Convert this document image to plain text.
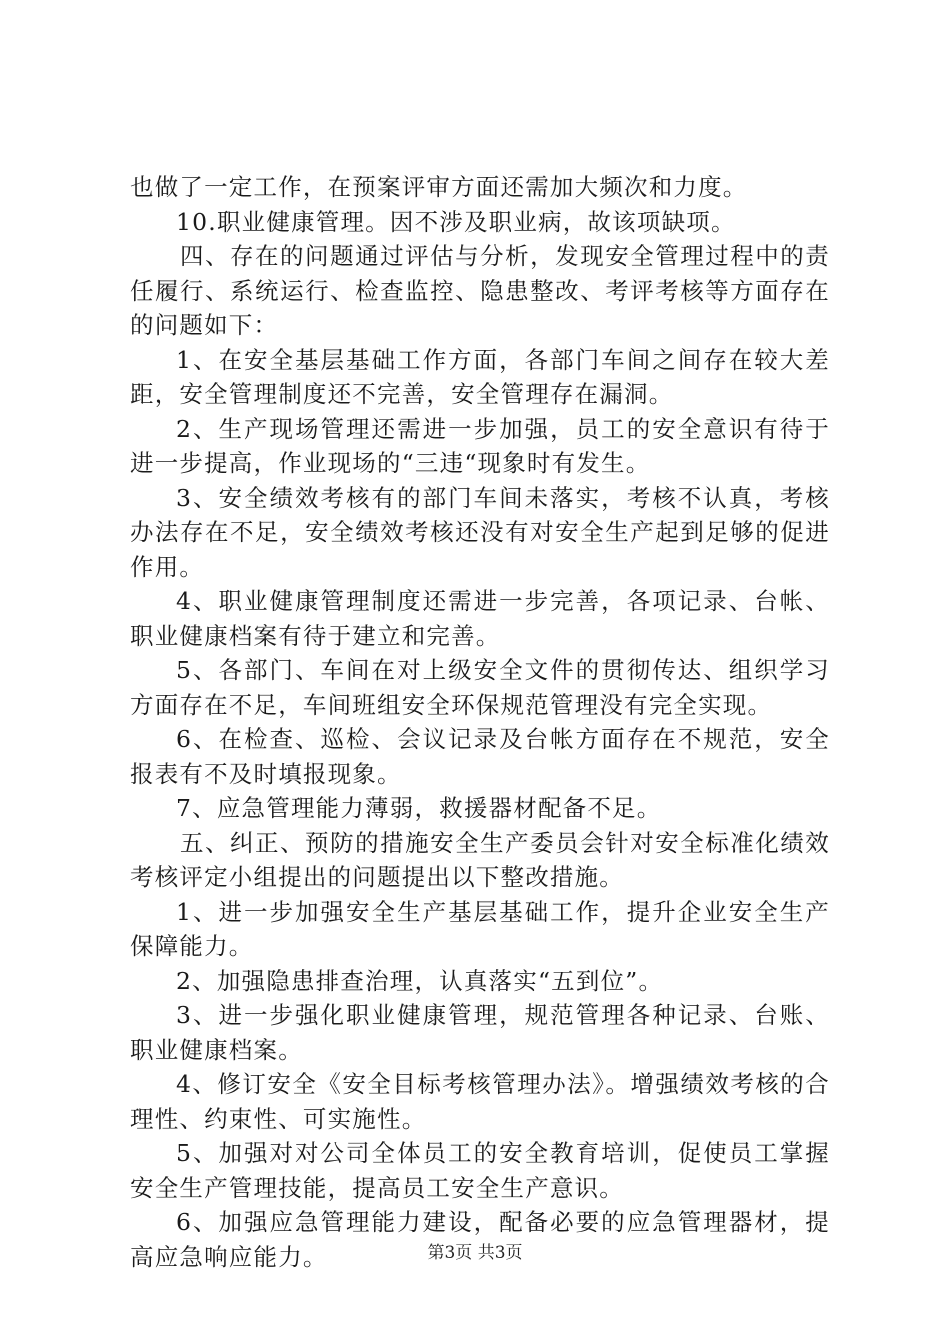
也做了一定工作，在预案评审方面还需加大频次和力度。

10.职业健康管理。因不涉及职业病，故该项缺项。

四、存在的问题通过评估与分析，发现安全管理过程中的责任履行、系统运行、检查监控、隐患整改、考评考核等方面存在的问题如下：

1、在安全基层基础工作方面，各部门车间之间存在较大差距，安全管理制度还不完善，安全管理存在漏洞。

2、生产现场管理还需进一步加强，员工的安全意识有待于进一步提高，作业现场的“三违“现象时有发生。

3、安全绩效考核有的部门车间未落实，考核不认真，考核办法存在不足，安全绩效考核还没有对安全生产起到足够的促进作用。

4、职业健康管理制度还需进一步完善，各项记录、台帐、职业健康档案有待于建立和完善。

5、各部门、车间在对上级安全文件的贯彻传达、组织学习方面存在不足，车间班组安全环保规范管理没有完全实现。

6、在检查、巡检、会议记录及台帐方面存在不规范，安全报表有不及时填报现象。

7、应急管理能力薄弱，救援器材配备不足。

五、纠正、预防的措施安全生产委员会针对安全标准化绩效考核评定小组提出的问题提出以下整改措施。

1、进一步加强安全生产基层基础工作，提升企业安全生产保障能力。

2、加强隐患排查治理，认真落实“五到位”。

3、进一步强化职业健康管理，规范管理各种记录、台账、职业健康档案。

4、修订安全《安全目标考核管理办法》。增强绩效考核的合理性、约束性、可实施性。

5、加强对对公司全体员工的安全教育培训，促使员工掌握安全生产管理技能，提高员工安全生产意识。

6、加强应急管理能力建设，配备必要的应急管理器材，提高应急响应能力。	第3页 共3页
